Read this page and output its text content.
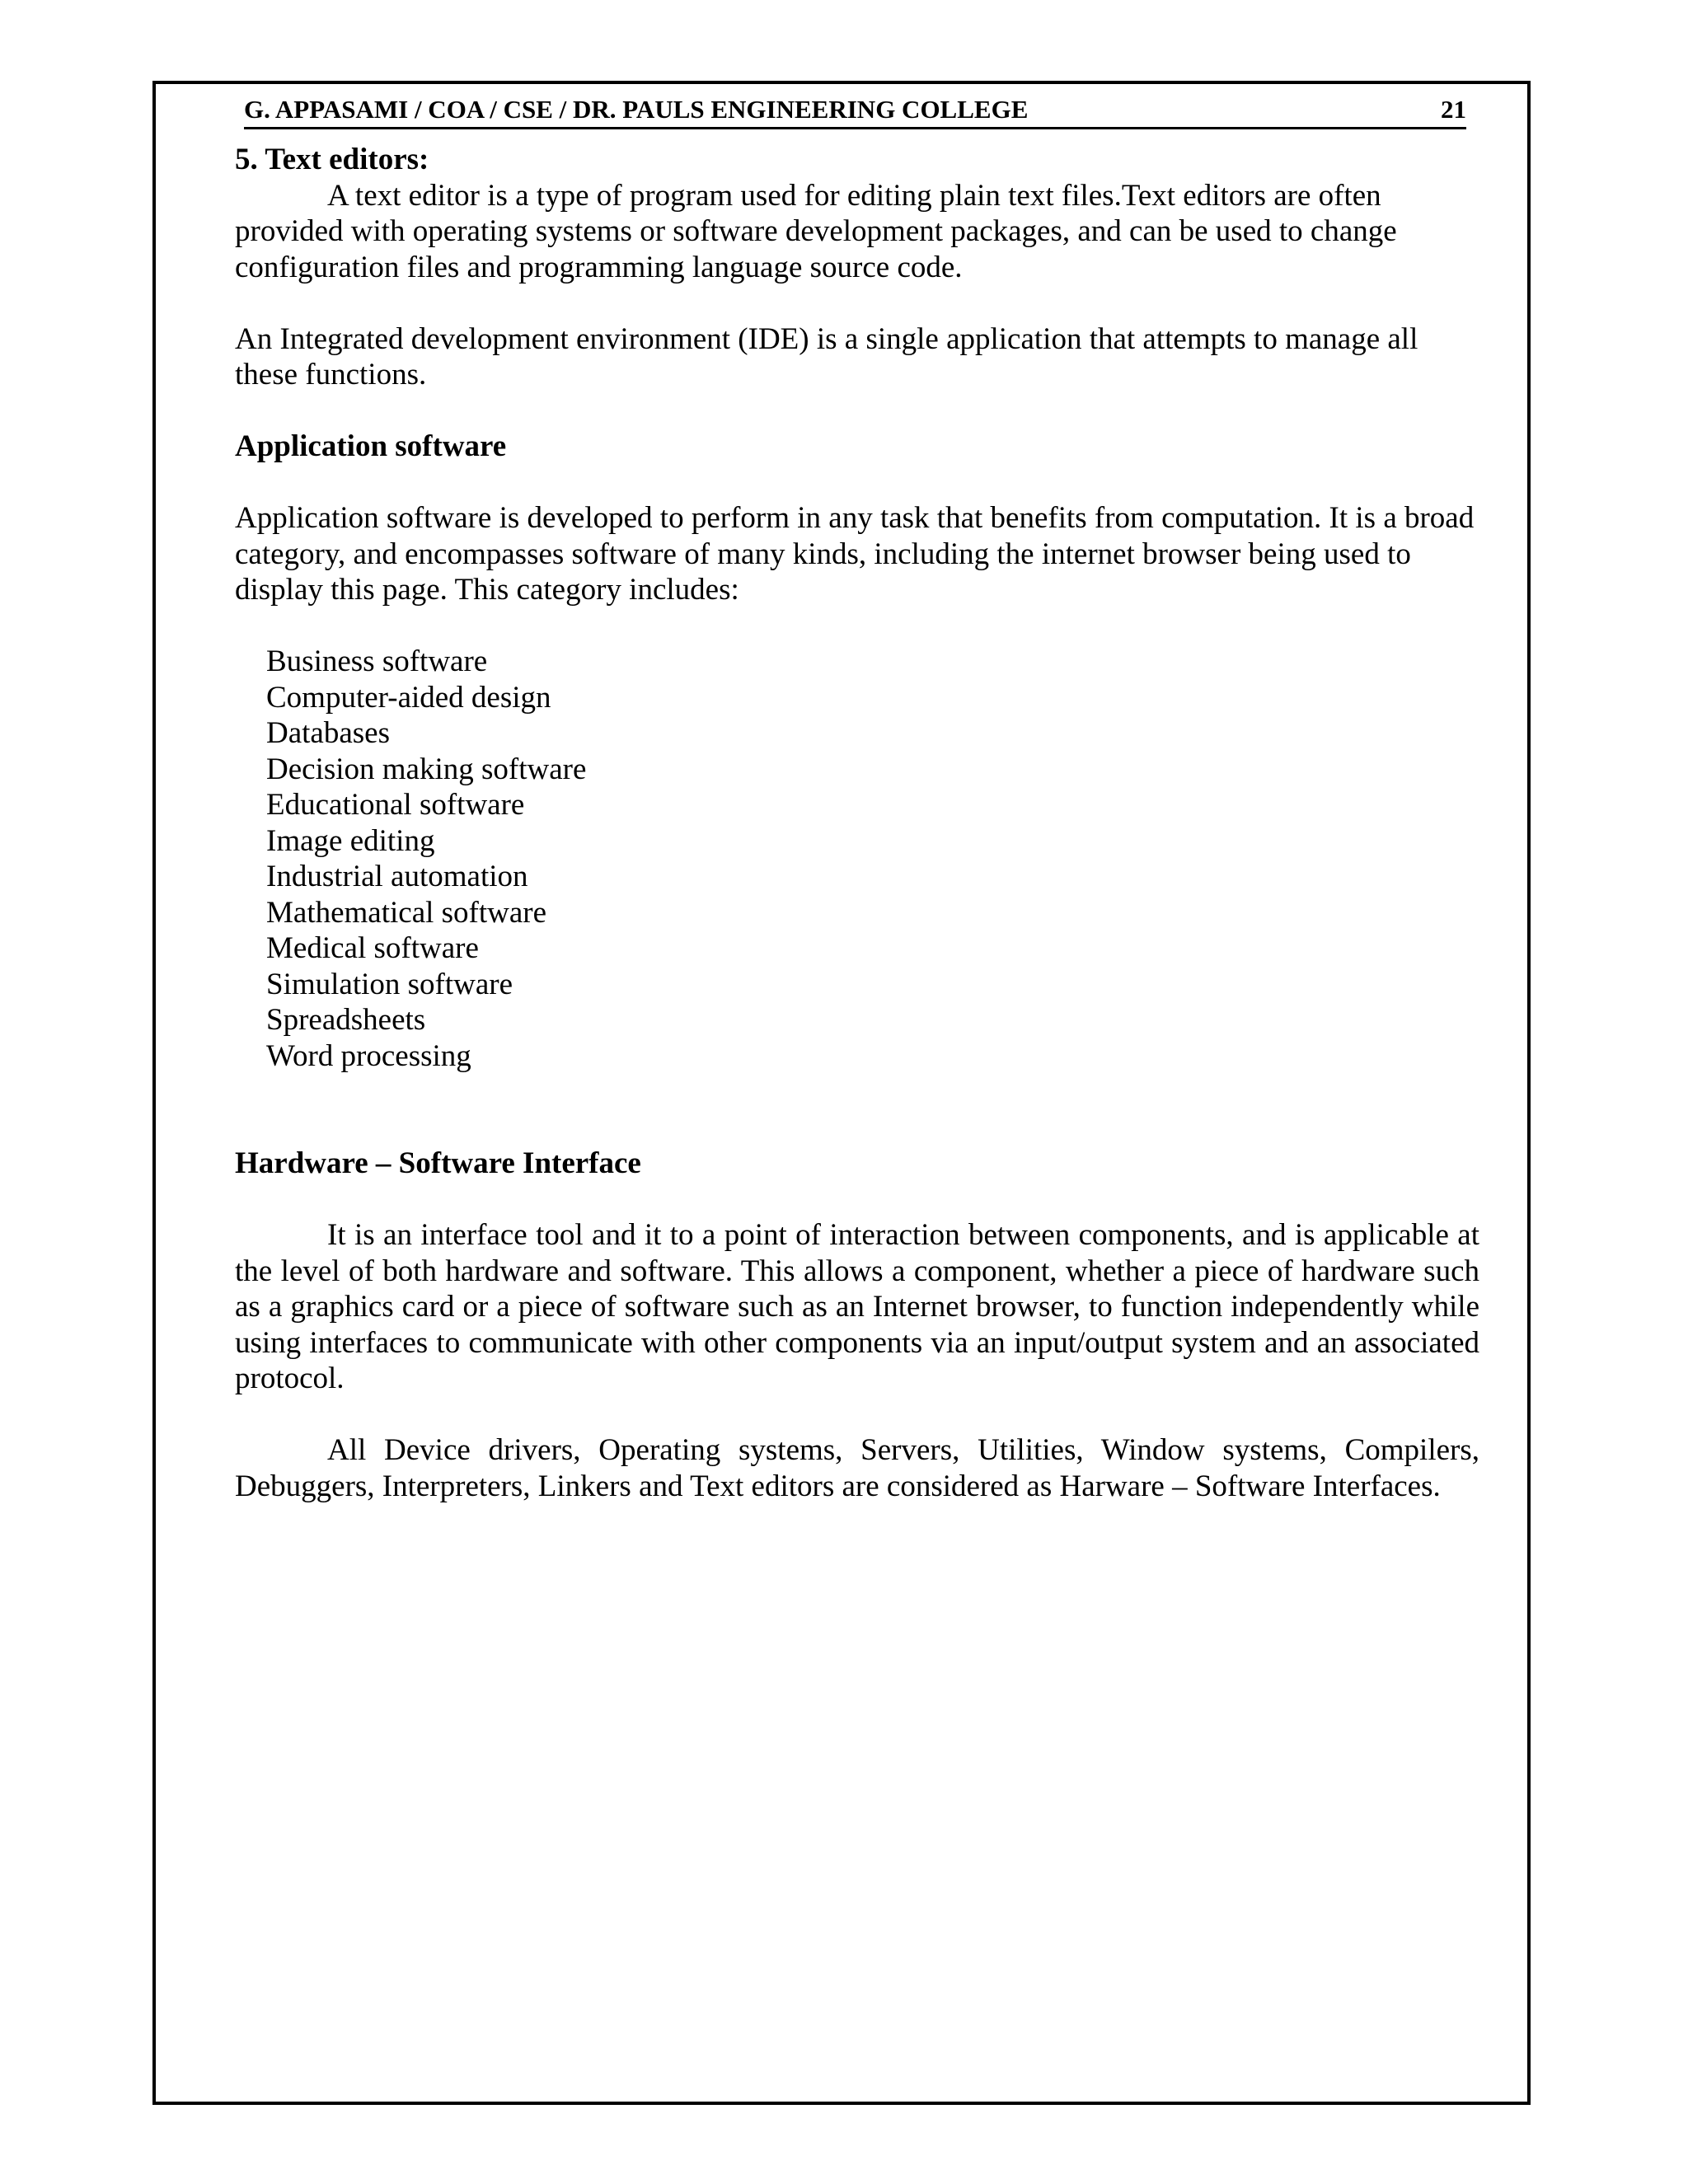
G. APPASAMI / COA / CSE / DR. PAULS ENGINEERING COLLEGE	21

5. Text editors:

A text editor is a type of program used for editing plain text files.Text editors are often provided with operating systems or software development packages, and can be used to change configuration files and programming language source code.

An Integrated development environment (IDE) is a single application that attempts to manage all these functions.

Application software

Application software is developed to perform in any task that benefits from computation. It is a broad category, and encompasses software of many kinds, including the internet browser being used to display this page. This category includes:

Business software
Computer-aided design
Databases
Decision making software
Educational software
Image editing
Industrial automation
Mathematical software
Medical software
Simulation software
Spreadsheets
Word processing

Hardware – Software Interface

It is an interface tool and it to a point of interaction between components, and is applicable at the level of both hardware and software. This allows a component, whether a piece of hardware such as a graphics card or a piece of software such as an Internet browser, to function independently while using interfaces to communicate with other components via an input/output system and an associated protocol.

All Device drivers, Operating systems, Servers, Utilities, Window systems, Compilers, Debuggers, Interpreters, Linkers and Text editors are considered as Harware – Software Interfaces.
